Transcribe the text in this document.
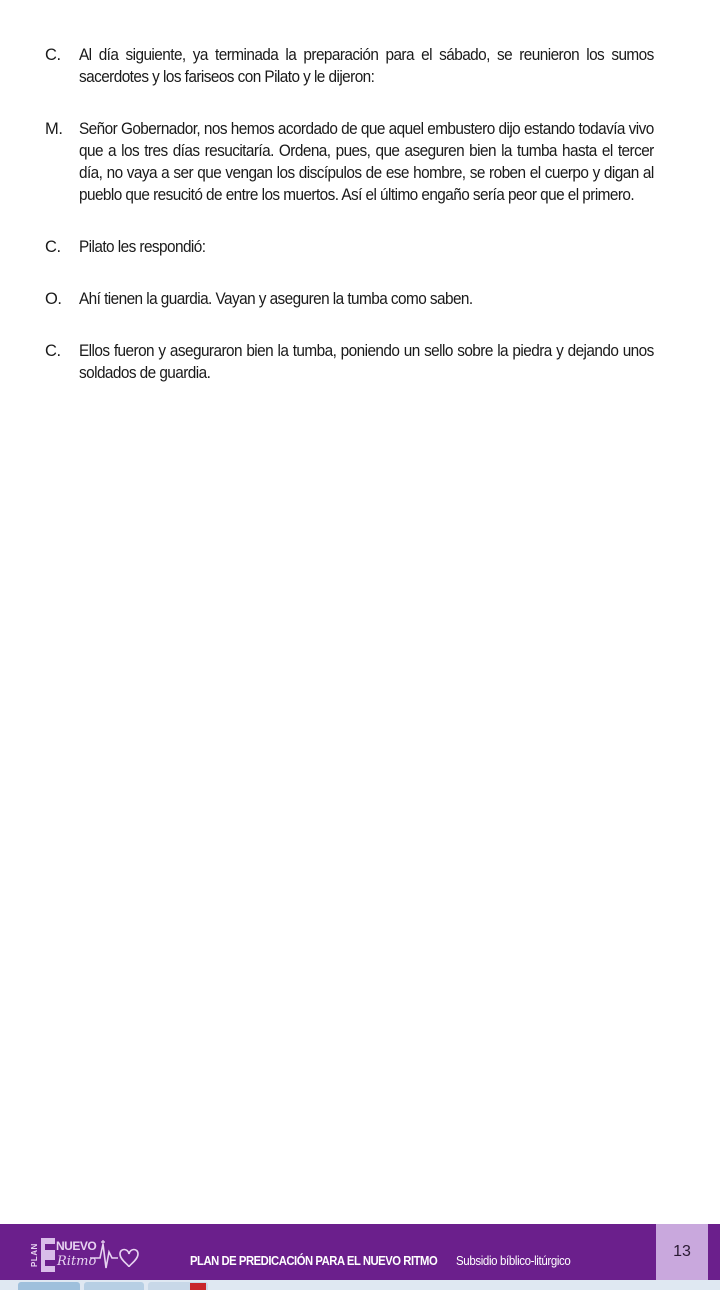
C.	Al día siguiente, ya terminada la preparación para el sábado, se reunieron los sumos sacerdotes y los fariseos con Pilato y le dijeron:
M. Señor Gobernador, nos hemos acordado de que aquel embustero dijo estando todavía vivo que a los tres días resucitaría. Ordena, pues, que aseguren bien la tumba hasta el tercer día, no vaya a ser que vengan los discípulos de ese hombre, se roben el cuerpo y digan al pueblo que resucitó de entre los muertos. Así el último engaño sería peor que el primero.
C.	Pilato les respondió:
O.	Ahí tienen la guardia. Vayan y aseguren la tumba como saben.
C.	Ellos fueron y aseguraron bien la tumba, poniendo un sello sobre la piedra y dejando unos soldados de guardia.
PLAN NUEVO
Ritmo	PLAN DE PREDICACIÓN PARA EL NUEVO RITMO Subsidio bíblico-litúrgico
13
